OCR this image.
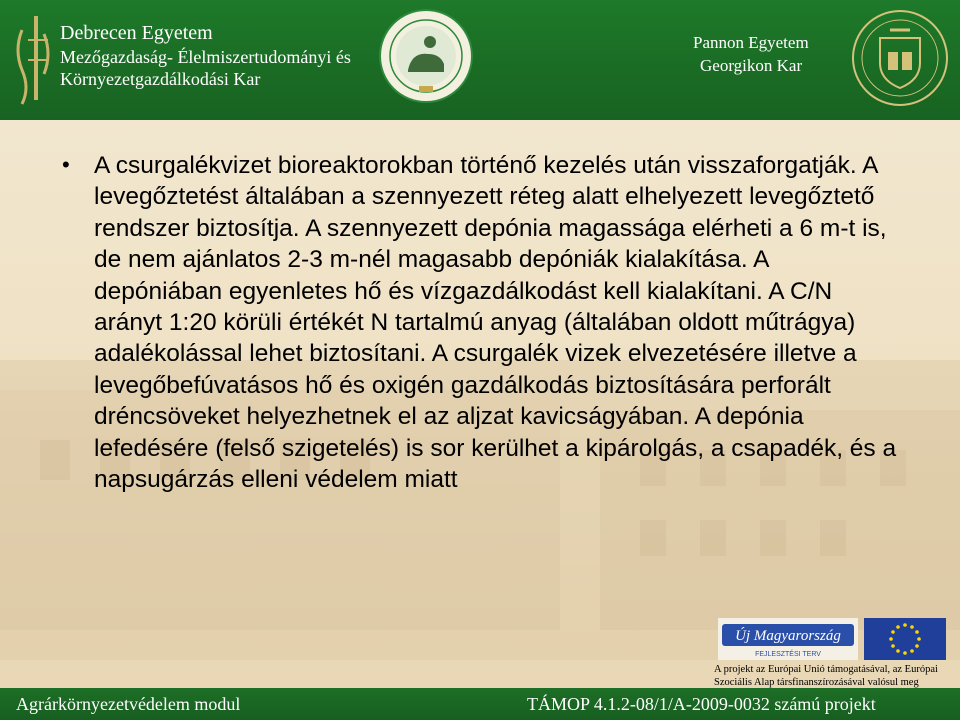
Debrecen Egyetem
Mezőgazdaság- Élelmiszertudományi és
Környezetgazdálkodási Kar
Pannon Egyetem
Georgikon Kar
• A csurgalékvizet bioreaktorokban történő kezelés után visszaforgatják. A levegőztetést általában a szennyezett réteg alatt elhelyezett levegőztető rendszer biztosítja. A szennyezett depónia magassága elérheti a 6 m-t is, de nem ajánlatos 2-3 m-nél magasabb depóniák kialakítása. A depóniában egyenletes hő és vízgazdálkodást kell kialakítani. A C/N arányt 1:20 körüli értékét N tartalmú anyag (általában oldott műtrágya) adalékolással lehet biztosítani. A csurgalék vizek elvezetésére illetve a levegőbefúvatásos hő és oxigén gazdálkodás biztosítására perforált dréncsöveket helyezhetnek el az aljzat kavicságyában. A depónia lefedésére (felső szigetelés) is sor kerülhet a kipárolgás, a csapadék, és a napsugárzás elleni védelem miatt

Új Magyarország
FEJLESZTÉSI TERV
A projekt az Európai Unió támogatásával, az Európai
Szociális Alap társfinanszírozásával valósul meg
Agrárkörnyezetvédelem modul	TÁMOP 4.1.2-08/1/A-2009-0032 számú projekt
